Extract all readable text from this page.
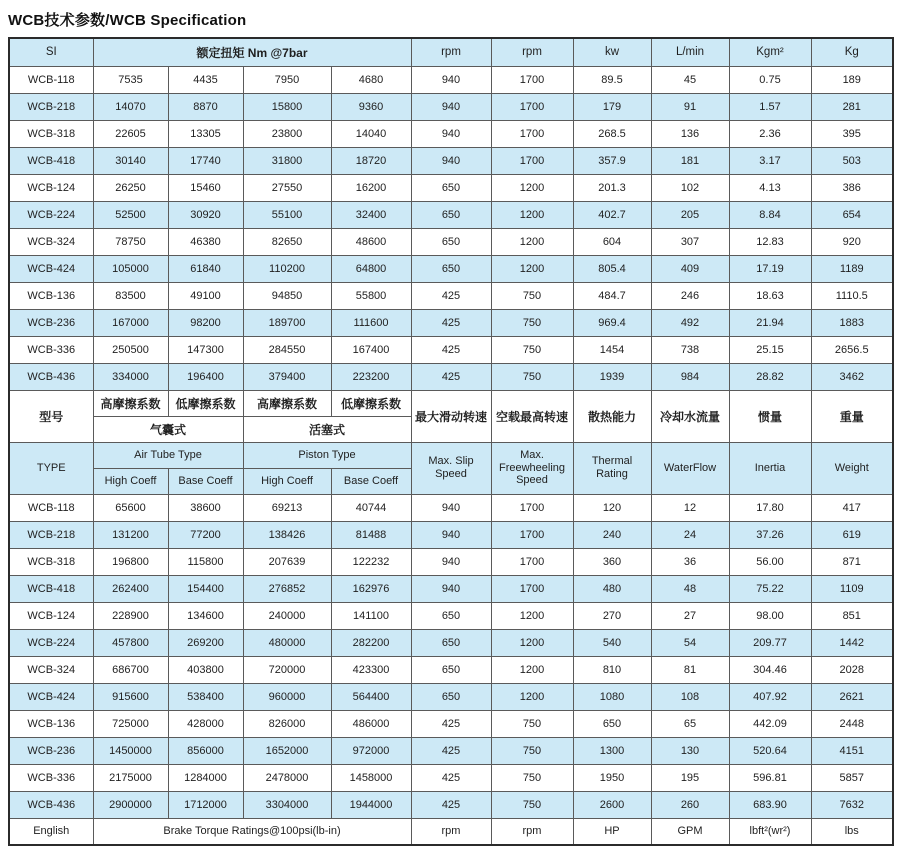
WCB技术参数/WCB Specification
SI	额定扭矩 Nm @7bar				rpm	rpm	kw	L/min	Kgm²	Kg
WCB-118	7535	4435	7950	4680	940	1700	89.5	45	0.75	189
WCB-218	14070	8870	15800	9360	940	1700	179	91	1.57	281
WCB-318	22605	13305	23800	14040	940	1700	268.5	136	2.36	395
WCB-418	30140	17740	31800	18720	940	1700	357.9	181	3.17	503
WCB-124	26250	15460	27550	16200	650	1200	201.3	102	4.13	386
WCB-224	52500	30920	55100	32400	650	1200	402.7	205	8.84	654
WCB-324	78750	46380	82650	48600	650	1200	604	307	12.83	920
WCB-424	105000	61840	110200	64800	650	1200	805.4	409	17.19	1189
WCB-136	83500	49100	94850	55800	425	750	484.7	246	18.63	1110.5
WCB-236	167000	98200	189700	111600	425	750	969.4	492	21.94	1883
WCB-336	250500	147300	284550	167400	425	750	1454	738	25.15	2656.5
WCB-436	334000	196400	379400	223200	425	750	1939	984	28.82	3462
型号	高摩擦系数	低摩擦系数	高摩擦系数	低摩擦系数	最大滑动转速	空载最高转速	散热能力	冷却水流量	惯量	重量
	气囊式		活塞式							
TYPE	Air Tube Type		Piston Type		Max. Slip Speed	Max. Freewheeling Speed	Thermal Rating	WaterFlow	Inertia	Weight
	High Coeff	Base Coeff	High Coeff	Base Coeff						
WCB-118	65600	38600	69213	40744	940	1700	120	12	17.80	417
WCB-218	131200	77200	138426	81488	940	1700	240	24	37.26	619
WCB-318	196800	115800	207639	122232	940	1700	360	36	56.00	871
WCB-418	262400	154400	276852	162976	940	1700	480	48	75.22	1109
WCB-124	228900	134600	240000	141100	650	1200	270	27	98.00	851
WCB-224	457800	269200	480000	282200	650	1200	540	54	209.77	1442
WCB-324	686700	403800	720000	423300	650	1200	810	81	304.46	2028
WCB-424	915600	538400	960000	564400	650	1200	1080	108	407.92	2621
WCB-136	725000	428000	826000	486000	425	750	650	65	442.09	2448
WCB-236	1450000	856000	1652000	972000	425	750	1300	130	520.64	4151
WCB-336	2175000	1284000	2478000	1458000	425	750	1950	195	596.81	5857
WCB-436	2900000	1712000	3304000	1944000	425	750	2600	260	683.90	7632
English	Brake Torque Ratings@100psi(lb-in)				rpm	rpm	HP	GPM	lbft²(wr²)	lbs
